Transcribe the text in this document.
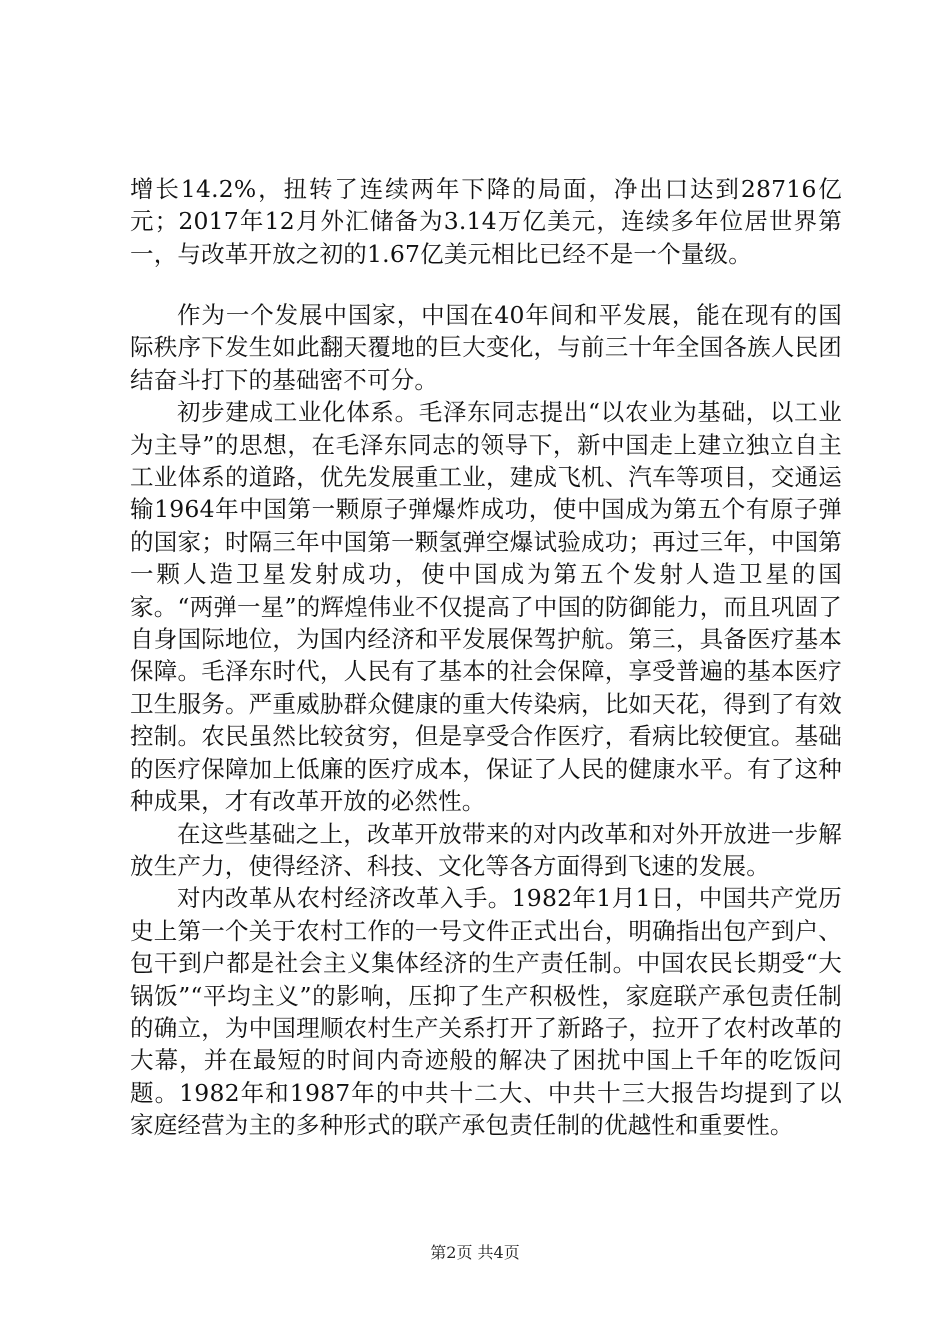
增长14.2%，扭转了连续两年下降的局面，净出口达到28716亿元；2017年12月外汇储备为3.14万亿美元，连续多年位居世界第一，与改革开放之初的1.67亿美元相比已经不是一个量级。

作为一个发展中国家，中国在40年间和平发展，能在现有的国际秩序下发生如此翻天覆地的巨大变化，与前三十年全国各族人民团结奋斗打下的基础密不可分。

初步建成工业化体系。毛泽东同志提出“以农业为基础，以工业为主导”的思想，在毛泽东同志的领导下，新中国走上建立独立自主工业体系的道路，优先发展重工业，建成飞机、汽车等项目，交通运输1964年中国第一颗原子弹爆炸成功，使中国成为第五个有原子弹的国家；时隔三年中国第一颗氢弹空爆试验成功；再过三年，中国第一颗人造卫星发射成功，使中国成为第五个发射人造卫星的国家。“两弹一星”的辉煌伟业不仅提高了中国的防御能力，而且巩固了自身国际地位，为国内经济和平发展保驾护航。第三，具备医疗基本保障。毛泽东时代，人民有了基本的社会保障，享受普遍的基本医疗卫生服务。严重威胁群众健康的重大传染病，比如天花，得到了有效控制。农民虽然比较贫穷，但是享受合作医疗，看病比较便宜。基础的医疗保障加上低廉的医疗成本，保证了人民的健康水平。有了这种种成果，才有改革开放的必然性。

在这些基础之上，改革开放带来的对内改革和对外开放进一步解放生产力，使得经济、科技、文化等各方面得到飞速的发展。

对内改革从农村经济改革入手。1982年1月1日，中国共产党历史上第一个关于农村工作的一号文件正式出台，明确指出包产到户、包干到户都是社会主义集体经济的生产责任制。中国农民长期受“大锅饭”“平均主义”的影响，压抑了生产积极性，家庭联产承包责任制的确立，为中国理顺农村生产关系打开了新路子，拉开了农村改革的大幕，并在最短的时间内奇迹般的解决了困扰中国上千年的吃饭问题。1982年和1987年的中共十二大、中共十三大报告均提到了以家庭经营为主的多种形式的联产承包责任制的优越性和重要性。

第2页 共4页
